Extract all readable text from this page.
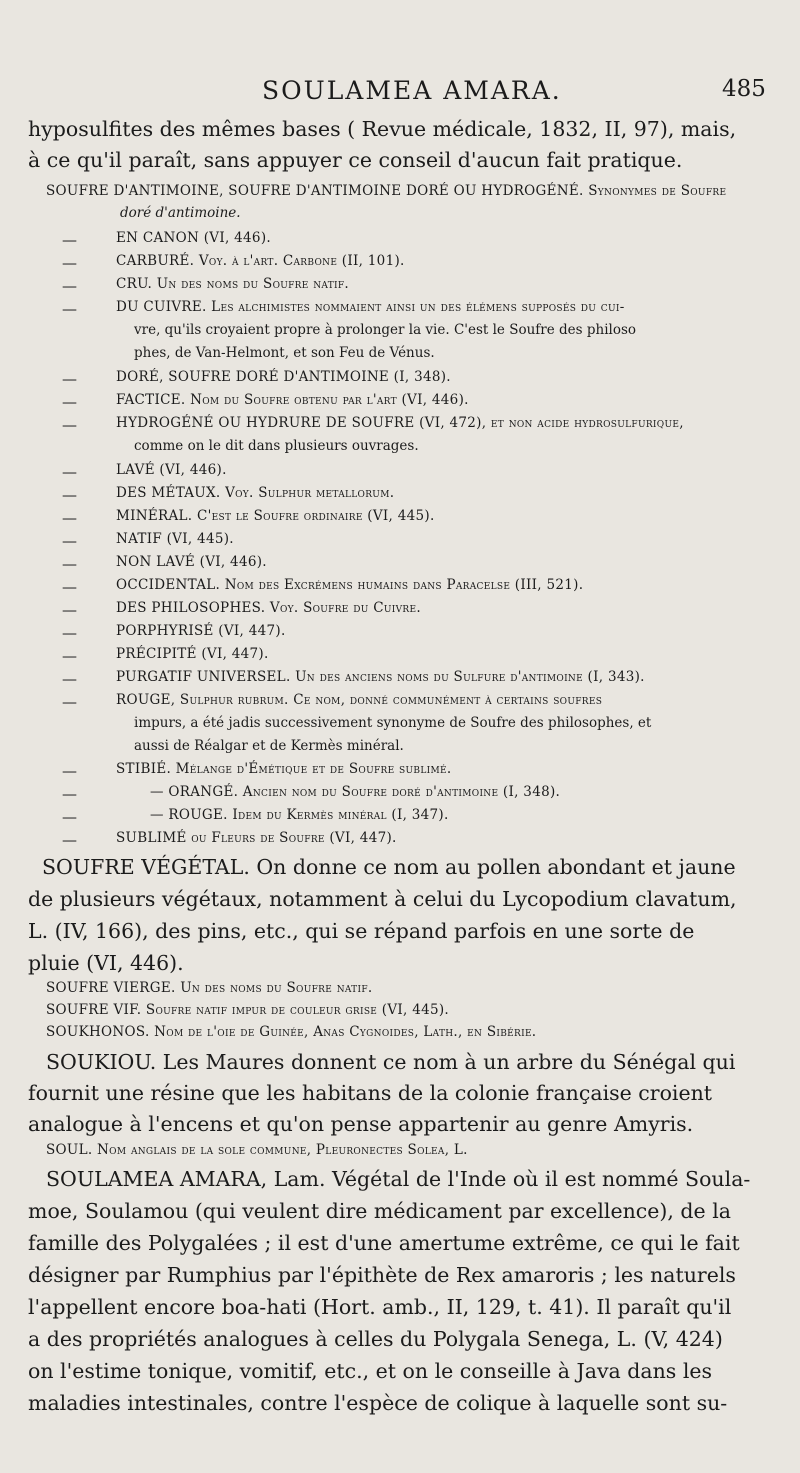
SOULAMEA AMARA.	485
hyposulfites des mêmes bases ( Revue médicale, 1832, II, 97), mais,
à ce qu'il paraît, sans appuyer ce conseil d'aucun fait pratique.
SOUFRE D'ANTIMOINE, SOUFRE D'ANTIMOINE DORÉ OU HYDROGÉNÉ. Synonymes de Soufre
doré d'antimoine.
—	EN CANON (VI, 446).
—	CARBURÉ. Voy. à l'art. Carbone (II, 101).
—	CRU. Un des noms du Soufre natif.
—	DU CUIVRE. Les alchimistes nommaient ainsi un des élémens supposés du cui-
vre, qu'ils croyaient propre à prolonger la vie. C'est le Soufre des philoso
phes, de Van-Helmont, et son Feu de Vénus.
—	DORÉ, SOUFRE DORÉ D'ANTIMOINE (I, 348).
—	FACTICE. Nom du Soufre obtenu par l'art (VI, 446).
—	HYDROGÉNÉ OU HYDRURE DE SOUFRE (VI, 472), et non acide hydrosulfurique,
comme on le dit dans plusieurs ouvrages.
—	LAVÉ (VI, 446).
—	DES MÉTAUX. Voy. Sulphur metallorum.
—	MINÉRAL. C'est le Soufre ordinaire (VI, 445).
—	NATIF (VI, 445).
—	NON LAVÉ (VI, 446).
—	OCCIDENTAL. Nom des Excrémens humains dans Paracelse (III, 521).
—	DES PHILOSOPHES. Voy. Soufre du Cuivre.
—	PORPHYRISÉ (VI, 447).
—	PRÉCIPITÉ (VI, 447).
—	PURGATIF UNIVERSEL. Un des anciens noms du Sulfure d'antimoine (I, 343).
—	ROUGE, Sulphur rubrum. Ce nom, donné communément à certains soufres
impurs, a été jadis successivement synonyme de Soufre des philosophes, et
aussi de Réalgar et de Kermès minéral.
—	STIBIÉ. Mélange d'Émétique et de Soufre sublimé.
—	— ORANGÉ. Ancien nom du Soufre doré d'antimoine (I, 348).
—	— ROUGE. Idem du Kermès minéral (I, 347).
—	SUBLIMÉ ou Fleurs de Soufre (VI, 447).
SOUFRE VÉGÉTAL. On donne ce nom au pollen abondant et jaune
de plusieurs végétaux, notamment à celui du Lycopodium clavatum,
L. (IV, 166), des pins, etc., qui se répand parfois en une sorte de
pluie (VI, 446).
SOUFRE VIERGE. Un des noms du Soufre natif.
SOUFRE VIF. Soufre natif impur de couleur grise (VI, 445).
SOUKHONOS. Nom de l'oie de Guinée, Anas Cygnoides, Lath., en Sibérie.
SOUKIOU. Les Maures donnent ce nom à un arbre du Sénégal qui
fournit une résine que les habitans de la colonie française croient
analogue à l'encens et qu'on pense appartenir au genre Amyris.
SOUL. Nom anglais de la sole commune, Pleuronectes Solea, L.
SOULAMEA AMARA, Lam. Végétal de l'Inde où il est nommé Soula-
moe, Soulamou (qui veulent dire médicament par excellence), de la
famille des Polygalées ; il est d'une amertume extrême, ce qui le fait
désigner par Rumphius par l'épithète de Rex amaroris ; les naturels
l'appellent encore boa-hati (Hort. amb., II, 129, t. 41). Il paraît qu'il
a des propriétés analogues à celles du Polygala Senega, L. (V, 424)
on l'estime tonique, vomitif, etc., et on le conseille à Java dans les
maladies intestinales, contre l'espèce de colique à laquelle sont su-
